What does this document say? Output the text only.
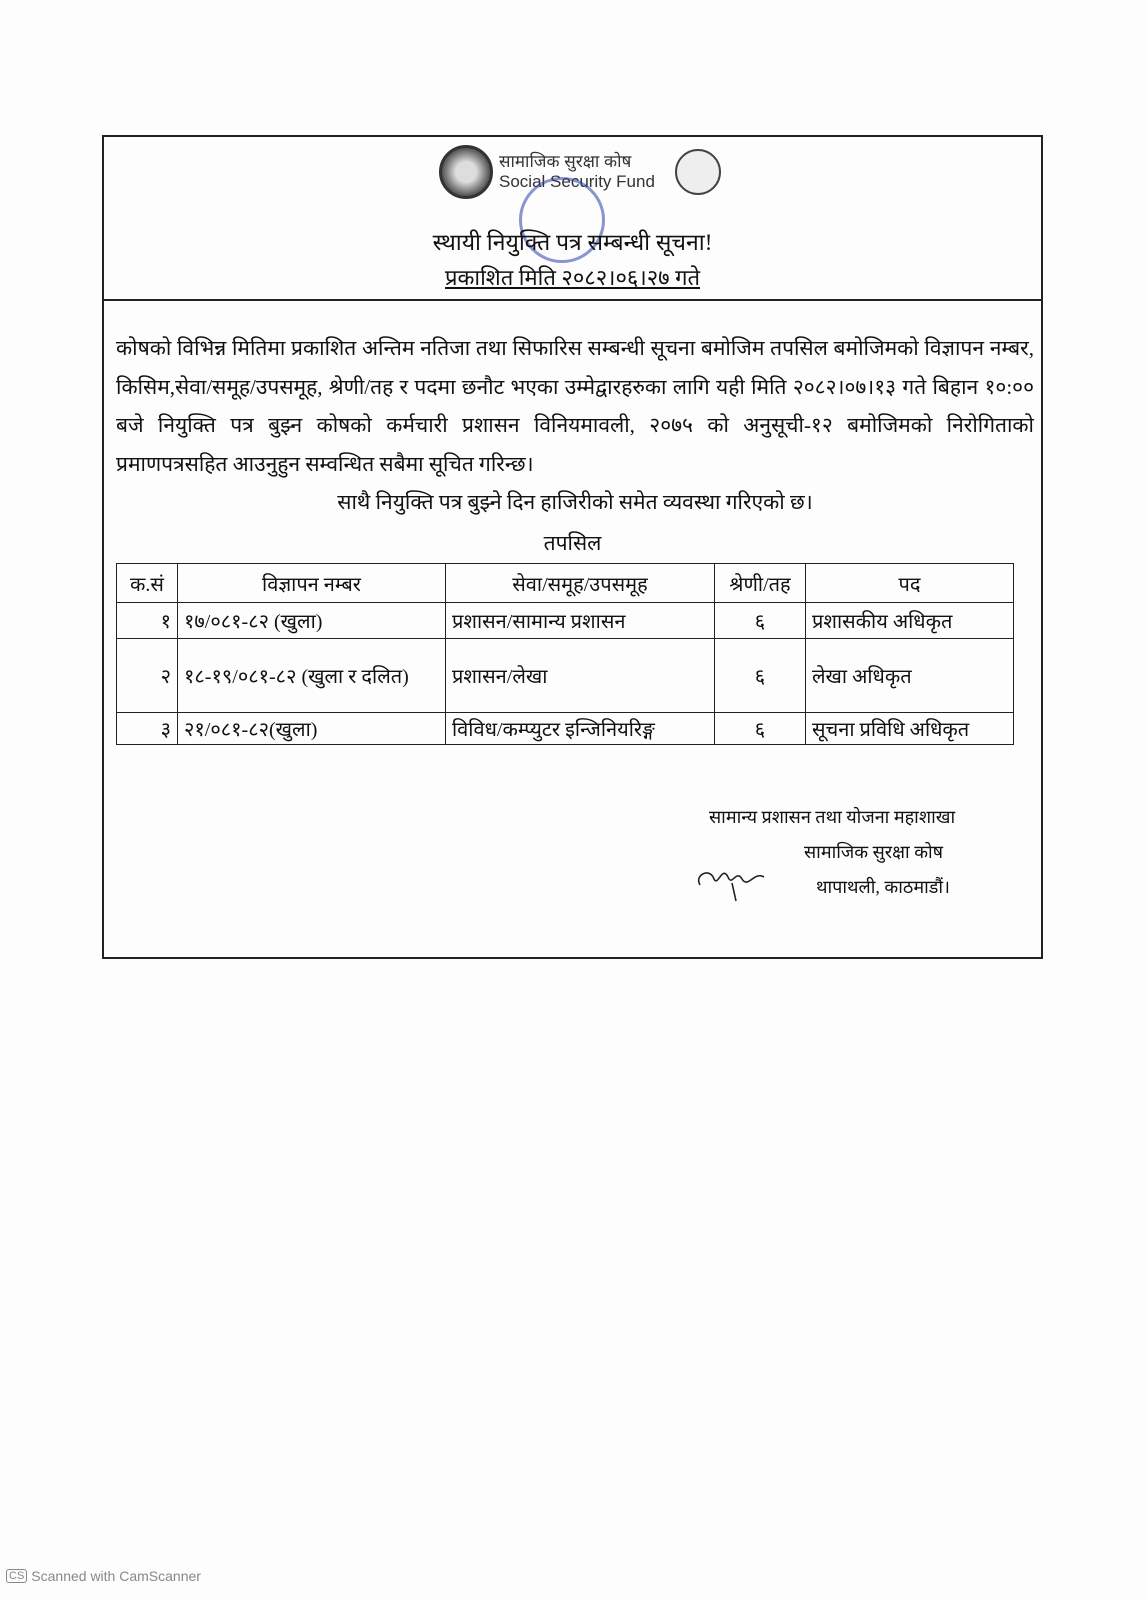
सामाजिक सुरक्षा कोष
Social Security Fund
स्थायी नियुक्ति पत्र सम्बन्धी सूचना!
प्रकाशित मिति २०८२।०६।२७ गते
कोषको विभिन्न मितिमा प्रकाशित अन्तिम नतिजा तथा सिफारिस सम्बन्धी सूचना बमोजिम तपसिल बमोजिमको विज्ञापन नम्बर, किसिम,सेवा/समूह/उपसमूह, श्रेणी/तह र पदमा छनौट भएका उम्मेद्वारहरुका लागि यही मिति २०८२।०७।१३ गते बिहान १०:०० बजे नियुक्ति पत्र बुझ्न कोषको कर्मचारी प्रशासन विनियमावली, २०७५ को अनुसूची-१२ बमोजिमको निरोगिताको प्रमाणपत्रसहित आउनुहुन सम्वन्धित सबैमा सूचित गरिन्छ।
साथै नियुक्ति पत्र बुझ्ने दिन हाजिरीको समेत व्यवस्था गरिएको छ।
तपसिल
क.सं	विज्ञापन नम्बर	सेवा/समूह/उपसमूह	श्रेणी/तह	पद
१	१७/०८१-८२ (खुला)	प्रशासन/सामान्य प्रशासन	६	प्रशासकीय अधिकृत
२	१८-१९/०८१-८२ (खुला र दलित)	प्रशासन/लेखा	६	लेखा अधिकृत
३	२१/०८१-८२(खुला)	विविध/कम्प्युटर इन्जिनियरिङ्ग	६	सूचना प्रविधि अधिकृत
सामान्य प्रशासन तथा योजना महाशाखा
सामाजिक सुरक्षा कोष
थापाथली, काठमाडौं।
CS Scanned with CamScanner
